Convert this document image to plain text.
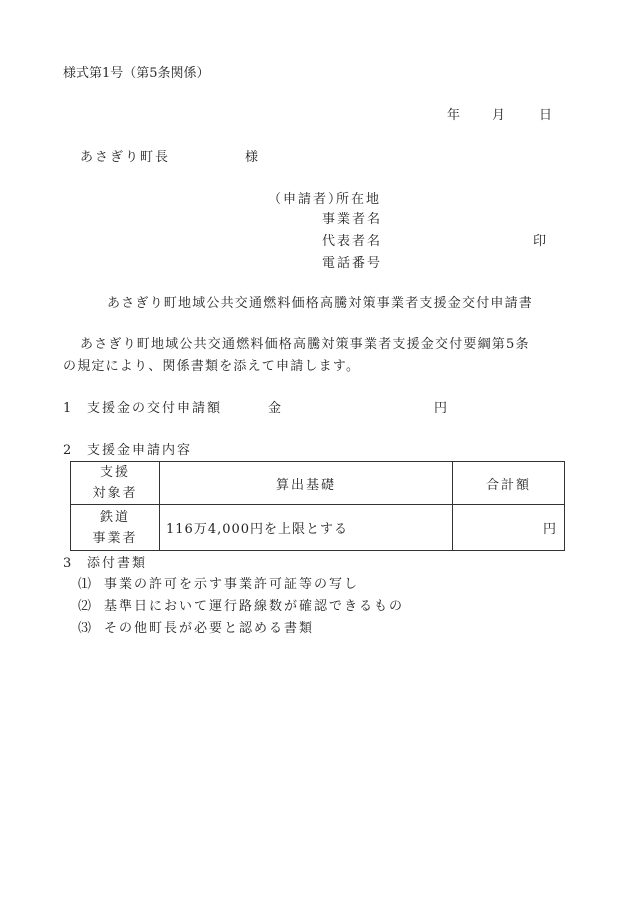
様式第1号（第5条関係）
年 月	日
あさぎり町長	様
（申請者）
所在地
事業者名
代表者名	印
電話番号
あさぎり町地域公共交通燃料価格高騰対策事業者支援金交付申請書
あさぎり町地域公共交通燃料価格高騰対策事業者支援金交付要綱第5条
の規定により、関係書類を添えて申請します。
1 支援金の交付申請額	金	円
2 支援金申請内容
支援
対象者	算出基礎	合計額

鉄道
事業者	116万4,000円を上限とする	円
3 添付書類
⑴ 事業の許可を示す事業許可証等の写し
⑵ 基準日において運行路線数が確認できるもの
⑶ その他町長が必要と認める書類
